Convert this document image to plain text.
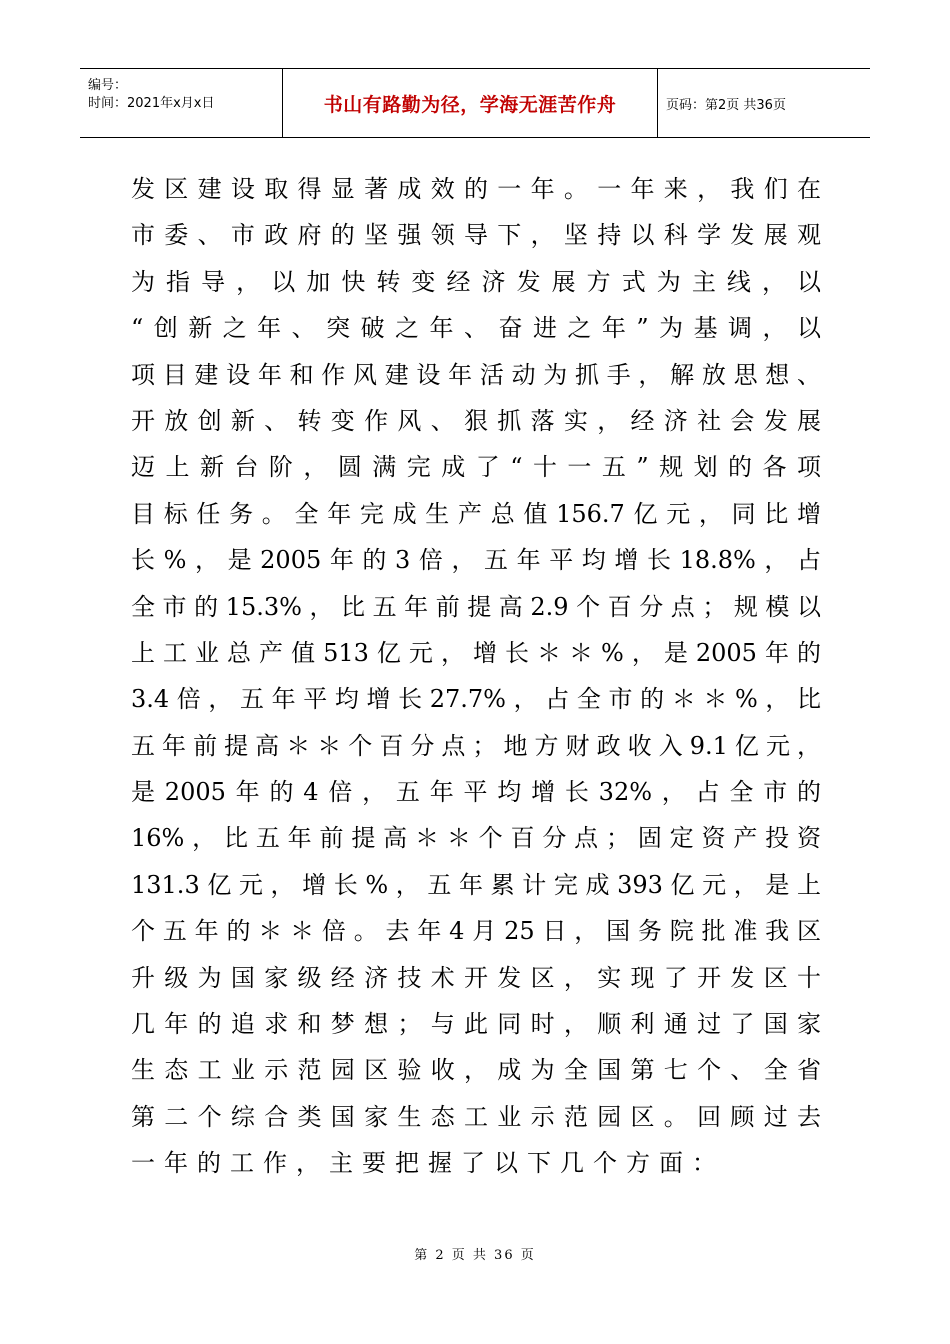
编号：
时间：2021年x月x日	书山有路勤为径，学海无涯苦作舟	页码：第2页 共36页
发区建设取得显著成效的一年。一年来，我们在
市委、市政府的坚强领导下，坚持以科学发展观
为指导，以加快转变经济发展方式为主线，以
“创新之年、突破之年、奋进之年”为基调，以
项目建设年和作风建设年活动为抓手，解放思想、
开放创新、转变作风、狠抓落实，经济社会发展
迈上新台阶，圆满完成了“十一五”规划的各项
目标任务。全年完成生产总值156.7亿元，同比增
长%，是2005年的3倍，五年平均增长18.8%，占
全市的15.3%，比五年前提高2.9个百分点；规模以
上工业总产值513亿元，增长＊＊%，是2005年的
3.4倍，五年平均增长27.7%，占全市的＊＊%，比
五年前提高＊＊个百分点；地方财政收入9.1亿元，
是2005年的4倍，五年平均增长32%，占全市的
16%，比五年前提高＊＊个百分点；固定资产投资
131.3亿元，增长%，五年累计完成393亿元，是上
个五年的＊＊倍。去年4月25日，国务院批准我区
升级为国家级经济技术开发区，实现了开发区十
几年的追求和梦想；与此同时，顺利通过了国家
生态工业示范园区验收，成为全国第七个、全省
第二个综合类国家生态工业示范园区。回顾过去
一年的工作，主要把握了以下几个方面：
第 2 页 共 36 页
